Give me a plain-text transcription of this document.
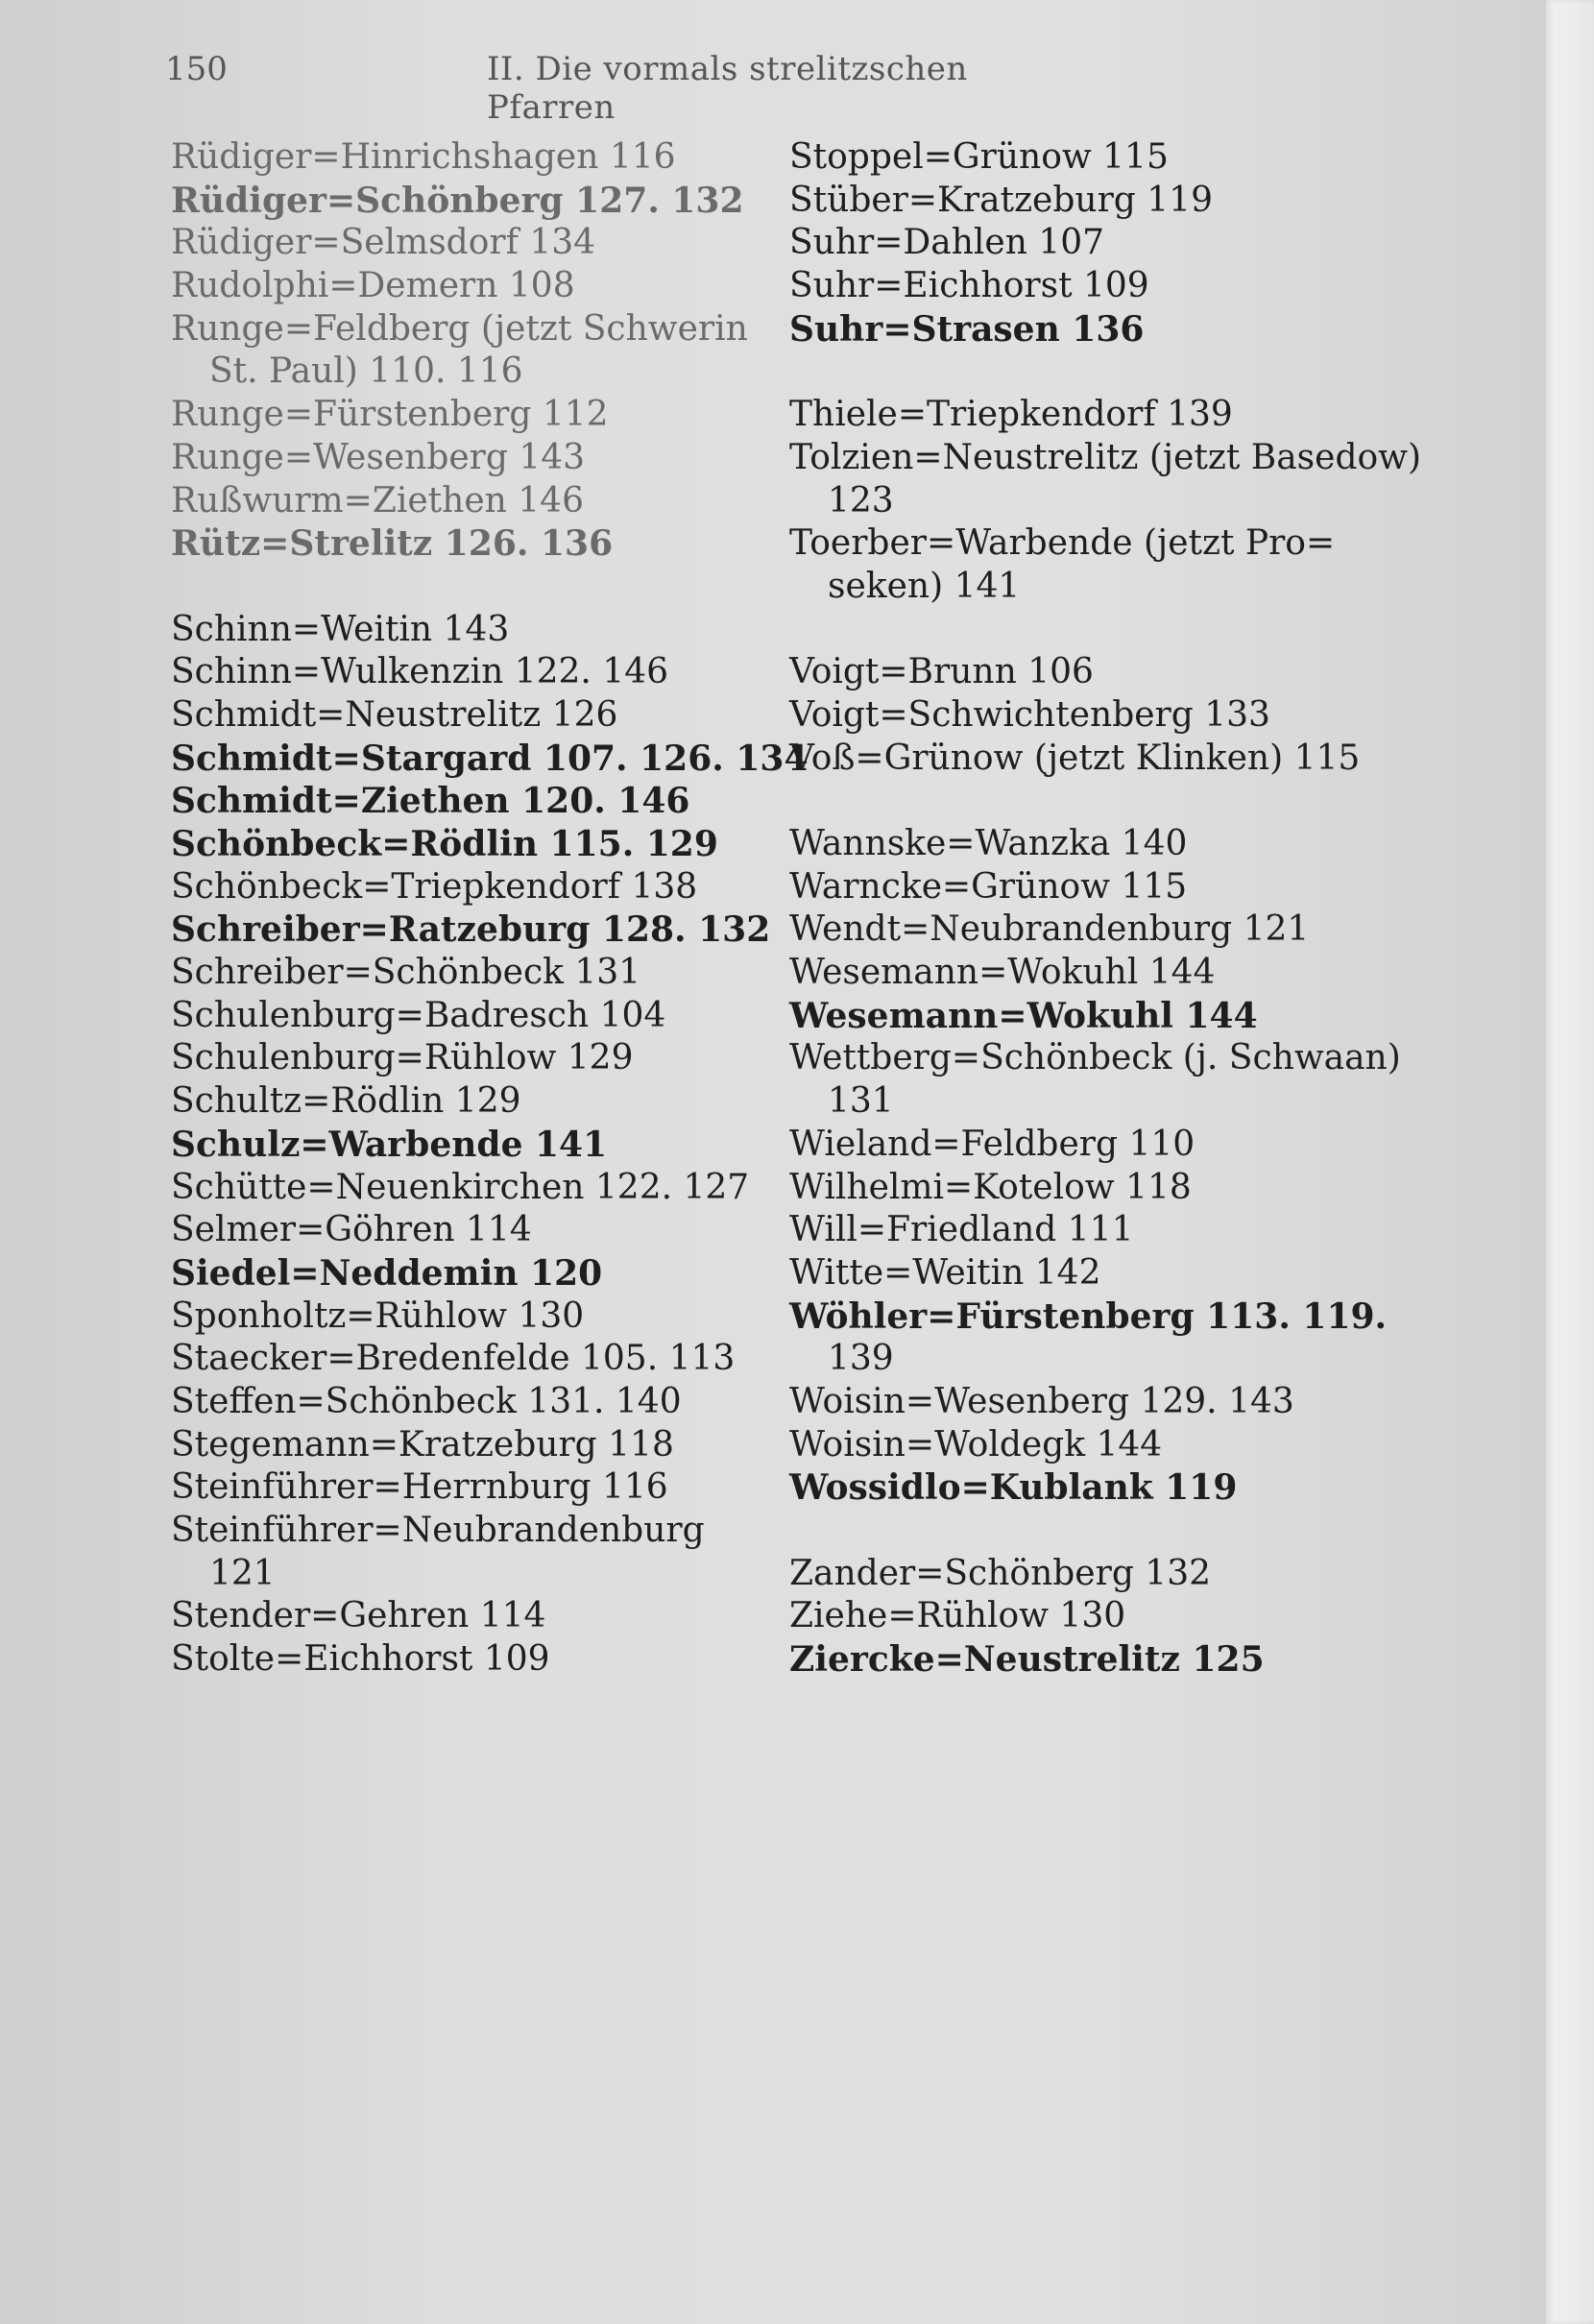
150	II. Die vormals strelitzschen Pfarren
Rüdiger=Hinrichshagen 116
Rüdiger=Schönberg 127. 132
Rüdiger=Selmsdorf 134
Rudolphi=Demern 108
Runge=Feldberg (jetzt Schwerin
St. Paul) 110. 116
Runge=Fürstenberg 112
Runge=Wesenberg 143
Rußwurm=Ziethen 146
Rütz=Strelitz 126. 136
Schinn=Weitin 143
Schinn=Wulkenzin 122. 146
Schmidt=Neustrelitz 126
Schmidt=Stargard 107. 126. 134
Schmidt=Ziethen 120. 146
Schönbeck=Rödlin 115. 129
Schönbeck=Triepkendorf 138
Schreiber=Ratzeburg 128. 132
Schreiber=Schönbeck 131
Schulenburg=Badresch 104
Schulenburg=Rühlow 129
Schultz=Rödlin 129
Schulz=Warbende 141
Schütte=Neuenkirchen 122. 127
Selmer=Göhren 114
Siedel=Neddemin 120
Sponholtz=Rühlow 130
Staecker=Bredenfelde 105. 113
Steffen=Schönbeck 131. 140
Stegemann=Kratzeburg 118
Steinführer=Herrnburg 116
Steinführer=Neubrandenburg
121
Stender=Gehren 114
Stolte=Eichhorst 109
Stoppel=Grünow 115
Stüber=Kratzeburg 119
Suhr=Dahlen 107
Suhr=Eichhorst 109
Suhr=Strasen 136
Thiele=Triepkendorf 139
Tolzien=Neustrelitz (jetzt Basedow)
123
Toerber=Warbende (jetzt Pro=
seken) 141
Voigt=Brunn 106
Voigt=Schwichtenberg 133
Voß=Grünow (jetzt Klinken) 115
Wannske=Wanzka 140
Warncke=Grünow 115
Wendt=Neubrandenburg 121
Wesemann=Wokuhl 144
Wesemann=Wokuhl 144
Wettberg=Schönbeck (j. Schwaan)
131
Wieland=Feldberg 110
Wilhelmi=Kotelow 118
Will=Friedland 111
Witte=Weitin 142
Wöhler=Fürstenberg 113. 119.
139
Woisin=Wesenberg 129. 143
Woisin=Woldegk 144
Wossidlo=Kublank 119
Zander=Schönberg 132
Ziehe=Rühlow 130
Ziercke=Neustrelitz 125
